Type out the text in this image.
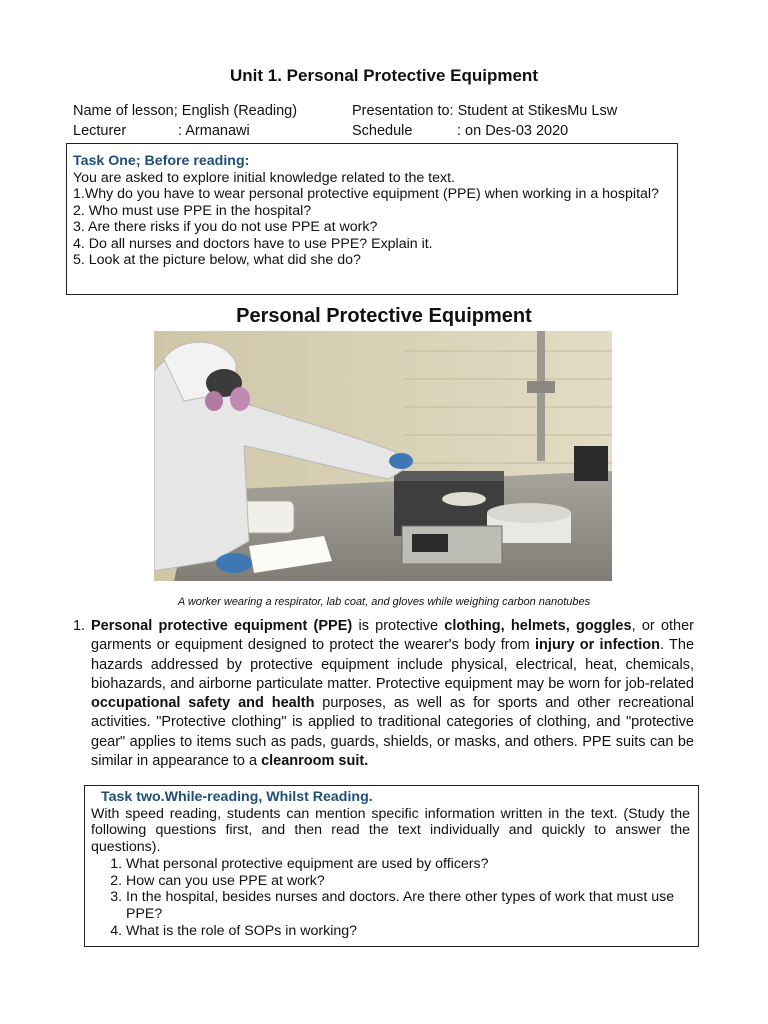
Unit 1. Personal Protective Equipment
Name of lesson; English (Reading)	Presentation to: Student at StikesMu Lsw
Lecturer	: Armanawi	Schedule	: on Des-03 2020
Task One; Before reading:
You are asked to explore initial knowledge related to the text.
1.Why do you have to wear personal protective equipment (PPE) when working in a hospital?
2. Who must use PPE in the hospital?
3. Are there risks if you do not use PPE at work?
4. Do all nurses and doctors have to use PPE? Explain it.
5. Look at the picture below, what did she do?
Personal Protective Equipment
A worker wearing a respirator, lab coat, and gloves while weighing carbon nanotubes
1. Personal protective equipment (PPE) is protective clothing, helmets, goggles, or other garments or equipment designed to protect the wearer's body from injury or infection. The hazards addressed by protective equipment include physical, electrical, heat, chemicals, biohazards, and airborne particulate matter. Protective equipment may be worn for job-related occupational safety and health purposes, as well as for sports and other recreational activities. "Protective clothing" is applied to traditional categories of clothing, and "protective gear" applies to items such as pads, guards, shields, or masks, and others. PPE suits can be similar in appearance to a cleanroom suit.
Task two.While-reading, Whilst Reading.
With speed reading, students can mention specific information written in the text. (Study the following questions first, and then read the text individually and quickly to answer the questions).
1. What personal protective equipment are used by officers?
2. How can you use PPE at work?
3. In the hospital, besides nurses and doctors. Are there other types of work that must use PPE?
4. What is the role of SOPs in working?
